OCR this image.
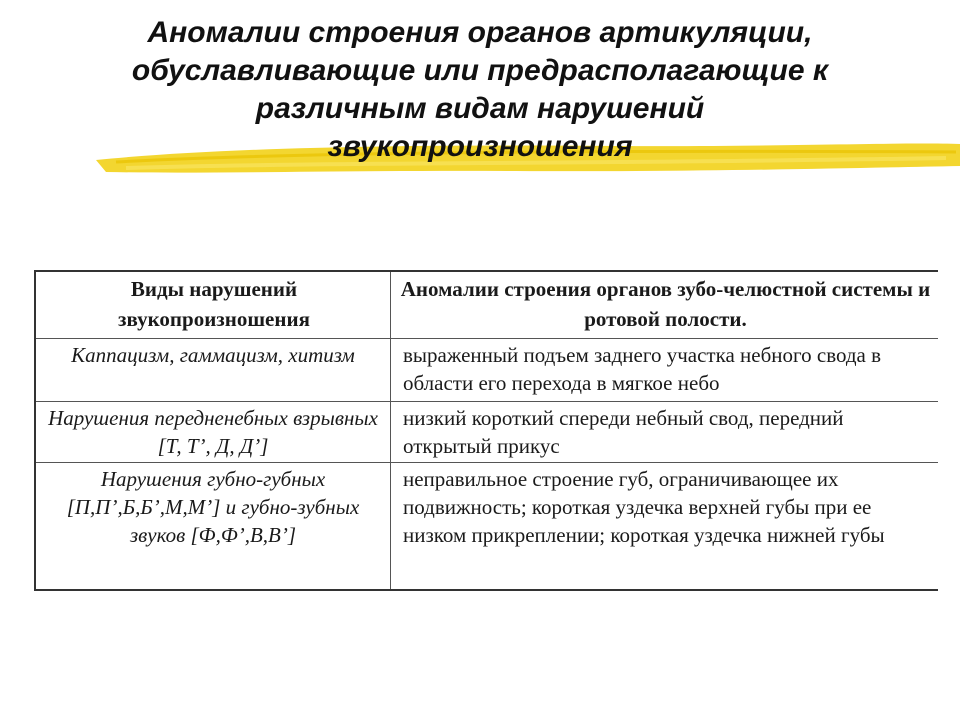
Аномалии строения органов артикуляции,
обуславливающие или предрасполагающие к
различным видам нарушений
звукопроизношения
Виды нарушений звукопроизношения	Аномалии строения органов зубо-челюстной системы и ротовой полости.
Каппацизм, гаммацизм, хитизм	выраженный подъем заднего участка небного свода в области его перехода в мягкое небо
Нарушения передненебных взрывных [Т, Т’, Д, Д’]	низкий короткий спереди небный свод, передний открытый прикус
Нарушения губно-губных [П,П’,Б,Б’,М,М’] и губно-зубных звуков [Ф,Ф’,В,В’]	неправильное строение губ, ограничивающее их подвижность; короткая уздечка верхней губы при ее низком прикреплении; короткая уздечка нижней губы
